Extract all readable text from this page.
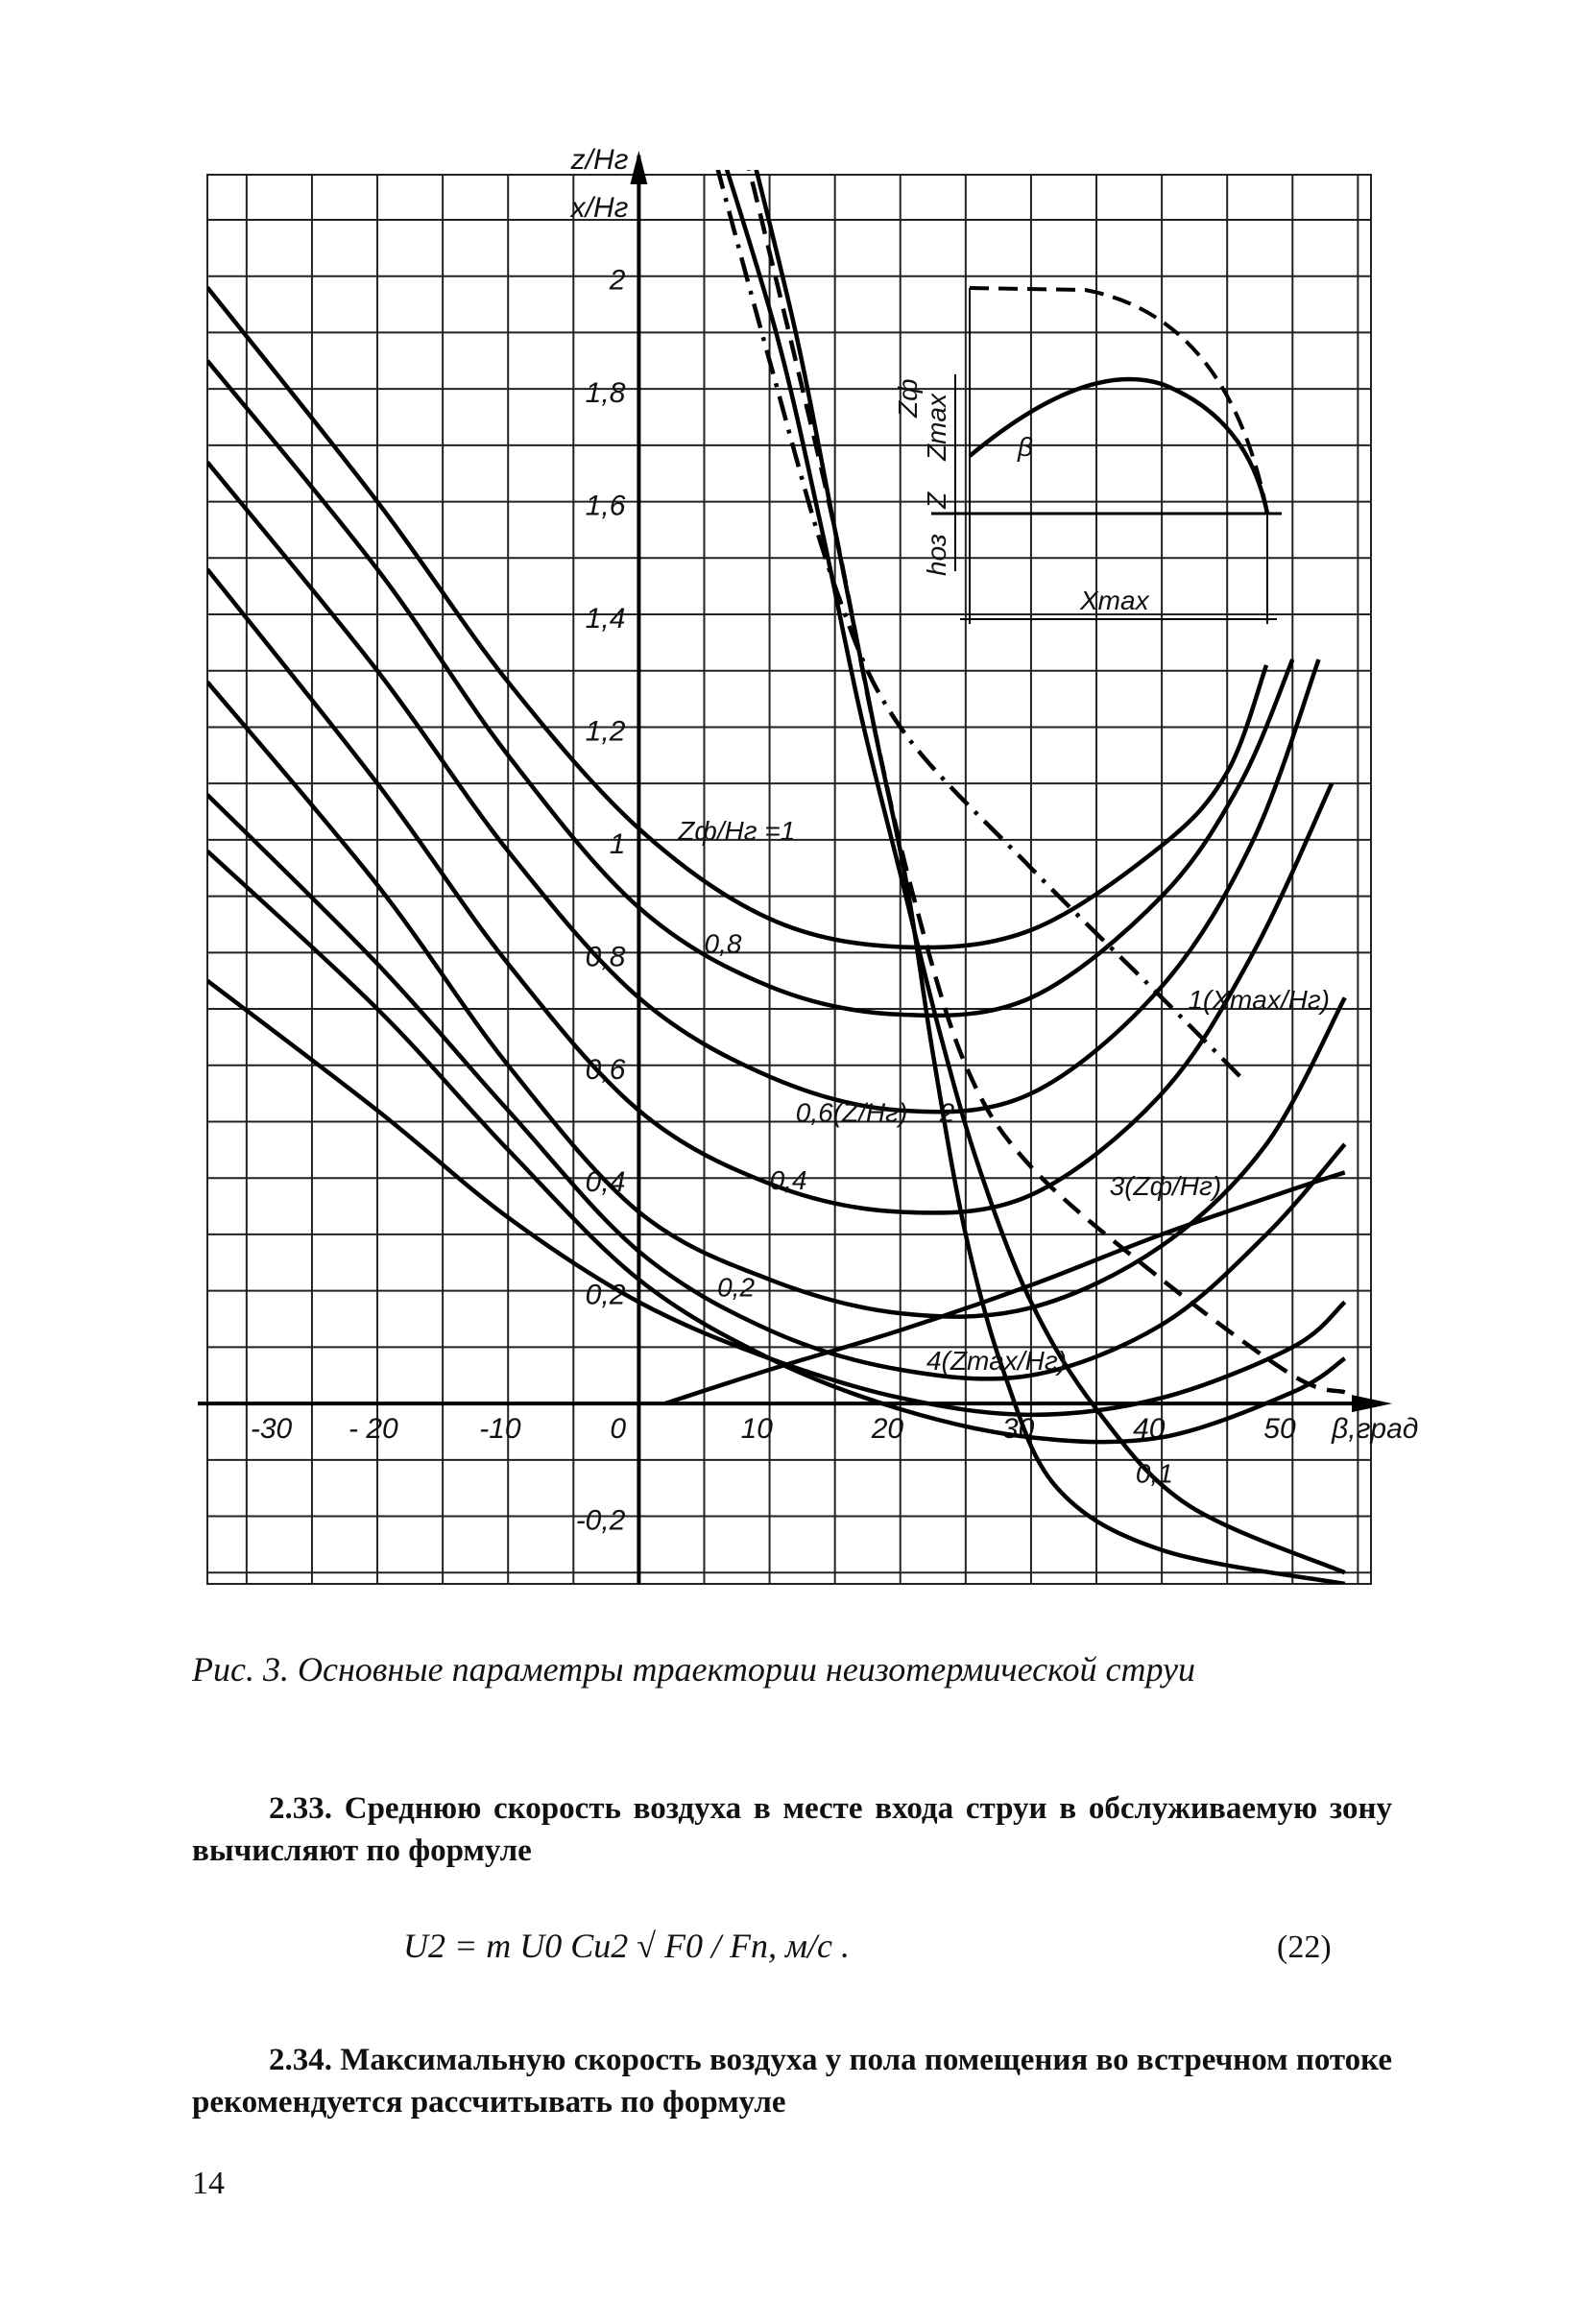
-30 - 20	-10	0	10	20	30	40	50 β,град
2
1,8
1,6
1,4
1,2
1
0,8
0,6
0,4
0,2
-0,2
z/Hг
x/Hг
Xmax
β
Zф Zmax
Z
hоз
Zф/Hг =1
0,8
0,6(Z/Hг)
0,4
0,2
0,1
2
1(Xmax/Hг)
3(Zф/Hг)
4(Zmax/Hг)
Рис. 3. Основные параметры траектории неизотермической струи
2.33. Среднюю скорость воздуха в месте входа струи в обслуживаемую зону вычисляют по формуле
U2 = m U0 Cu2 √ F0 / Fп, м/с .	(22)
2.34. Максимальную скорость воздуха у пола помещения во встречном потоке рекомендуется рассчитывать по формуле
14
